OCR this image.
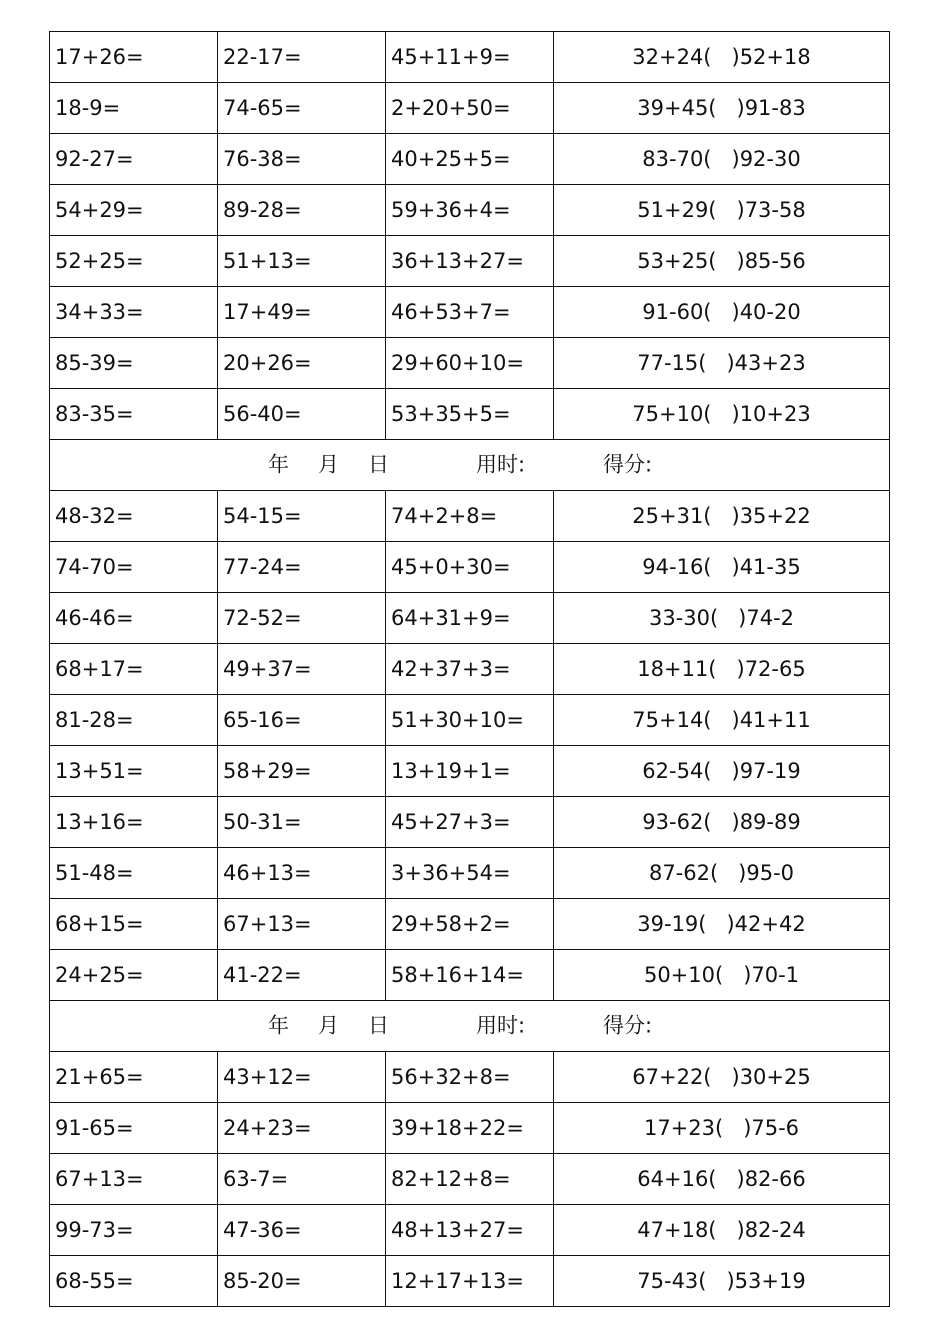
17+26=	22-17=	45+11+9=	32+24( )52+18
18-9=	74-65=	2+20+50=	39+45( )91-83
92-27=	76-38=	40+25+5=	83-70( )92-30
54+29=	89-28=	59+36+4=	51+29( )73-58
52+25=	51+13=	36+13+27=	53+25( )85-56
34+33=	17+49=	46+53+7=	91-60( )40-20
85-39=	20+26=	29+60+10=	77-15( )43+23
83-35=	56-40=	53+35+5=	75+10( )10+23

年 月 日 用时: 得分:			

48-32=	54-15=	74+2+8=	25+31( )35+22
74-70=	77-24=	45+0+30=	94-16( )41-35
46-46=	72-52=	64+31+9=	33-30( )74-2
68+17=	49+37=	42+37+3=	18+11( )72-65
81-28=	65-16=	51+30+10=	75+14( )41+11
13+51=	58+29=	13+19+1=	62-54( )97-19
13+16=	50-31=	45+27+3=	93-62( )89-89
51-48=	46+13=	3+36+54=	87-62( )95-0
68+15=	67+13=	29+58+2=	39-19( )42+42
24+25=	41-22=	58+16+14=	50+10( )70-1

年 月 日 用时: 得分:			

21+65=	43+12=	56+32+8=	67+22( )30+25
91-65=	24+23=	39+18+22=	17+23( )75-6
67+13=	63-7=	82+12+8=	64+16( )82-66
99-73=	47-36=	48+13+27=	47+18( )82-24
68-55=	85-20=	12+17+13=	75-43( )53+19
